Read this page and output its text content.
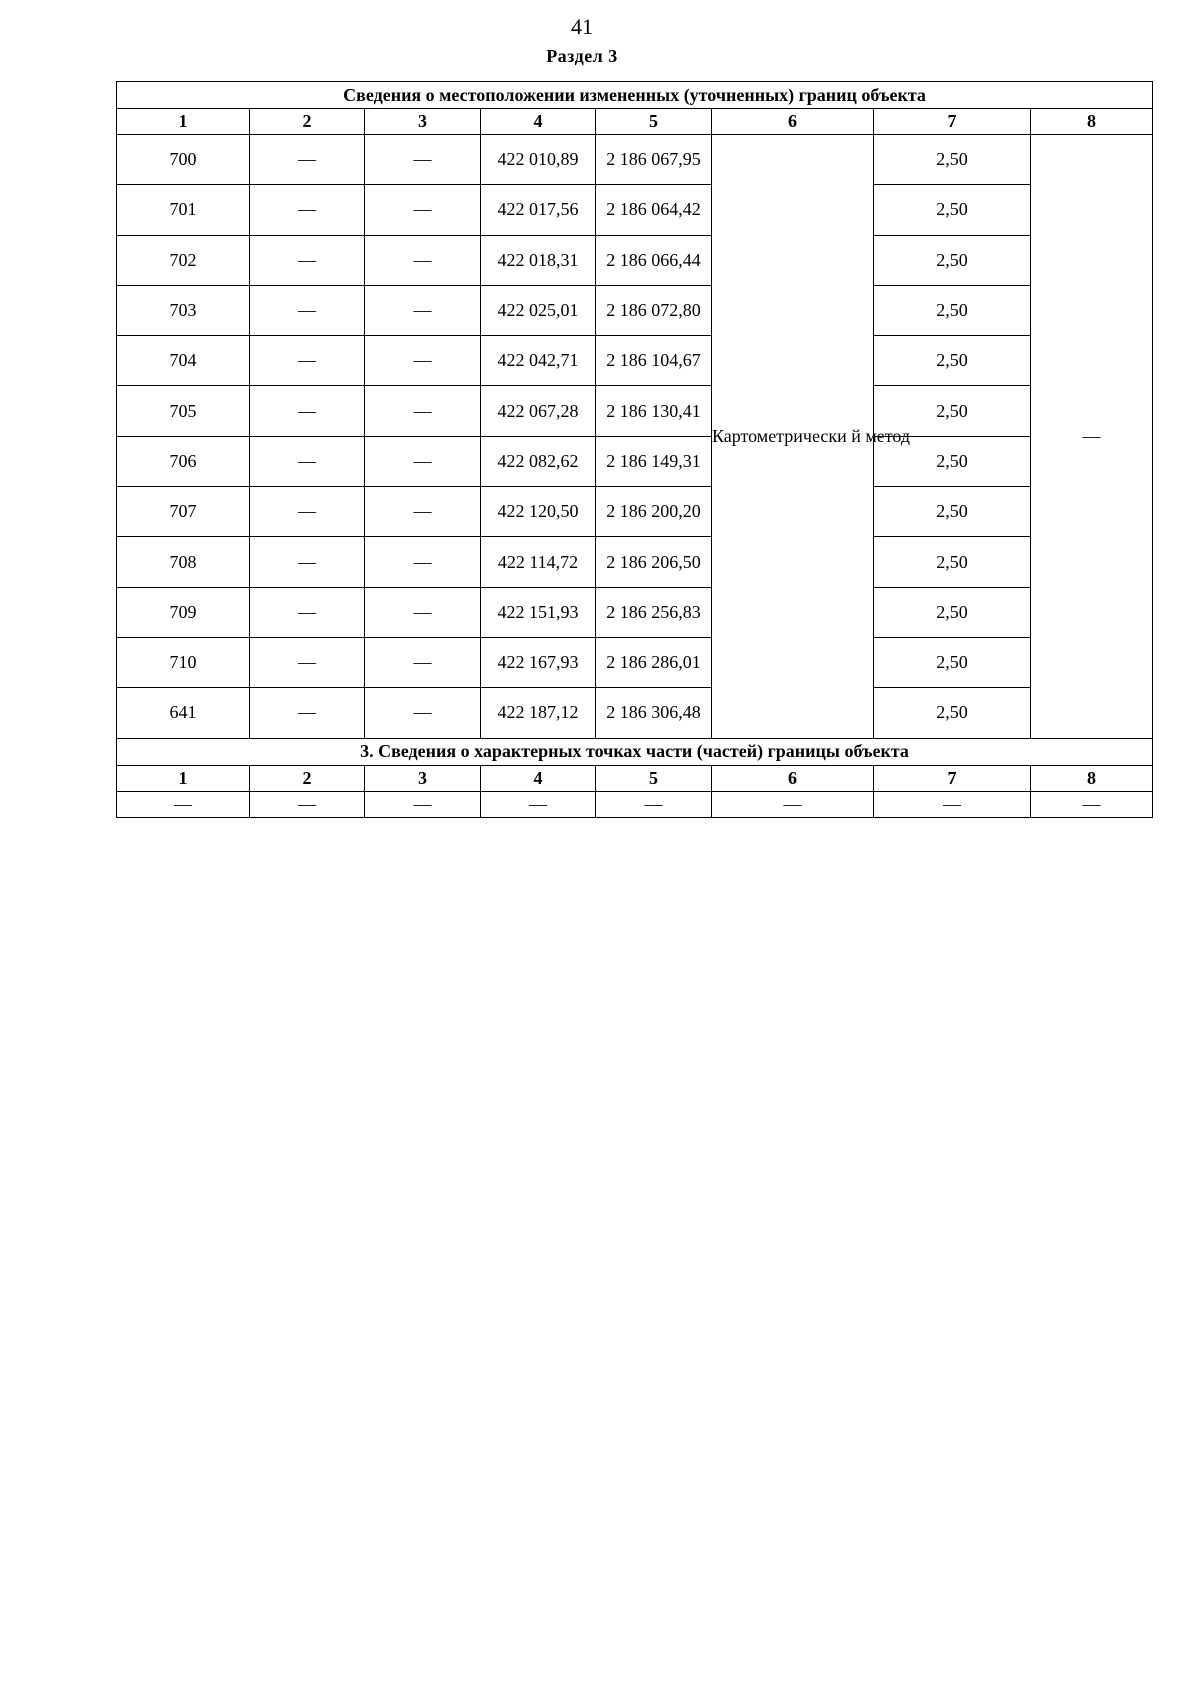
41
Раздел 3
Сведения о местоположении измененных (уточненных) границ объекта							
1	2	3	4	5	6	7	8
700	—	—	422 010,89	2 186 067,95	Картометрически й метод	2,50	—
701	—	—	422 017,56	2 186 064,42		2,50	
702	—	—	422 018,31	2 186 066,44		2,50	
703	—	—	422 025,01	2 186 072,80		2,50	
704	—	—	422 042,71	2 186 104,67		2,50	
705	—	—	422 067,28	2 186 130,41		2,50	
706	—	—	422 082,62	2 186 149,31		2,50	
707	—	—	422 120,50	2 186 200,20		2,50	
708	—	—	422 114,72	2 186 206,50		2,50	
709	—	—	422 151,93	2 186 256,83		2,50	
710	—	—	422 167,93	2 186 286,01		2,50	
641	—	—	422 187,12	2 186 306,48		2,50	
3. Сведения о характерных точках части (частей) границы объекта							
1	2	3	4	5	6	7	8
—	—	—	—	—	—	—	—
